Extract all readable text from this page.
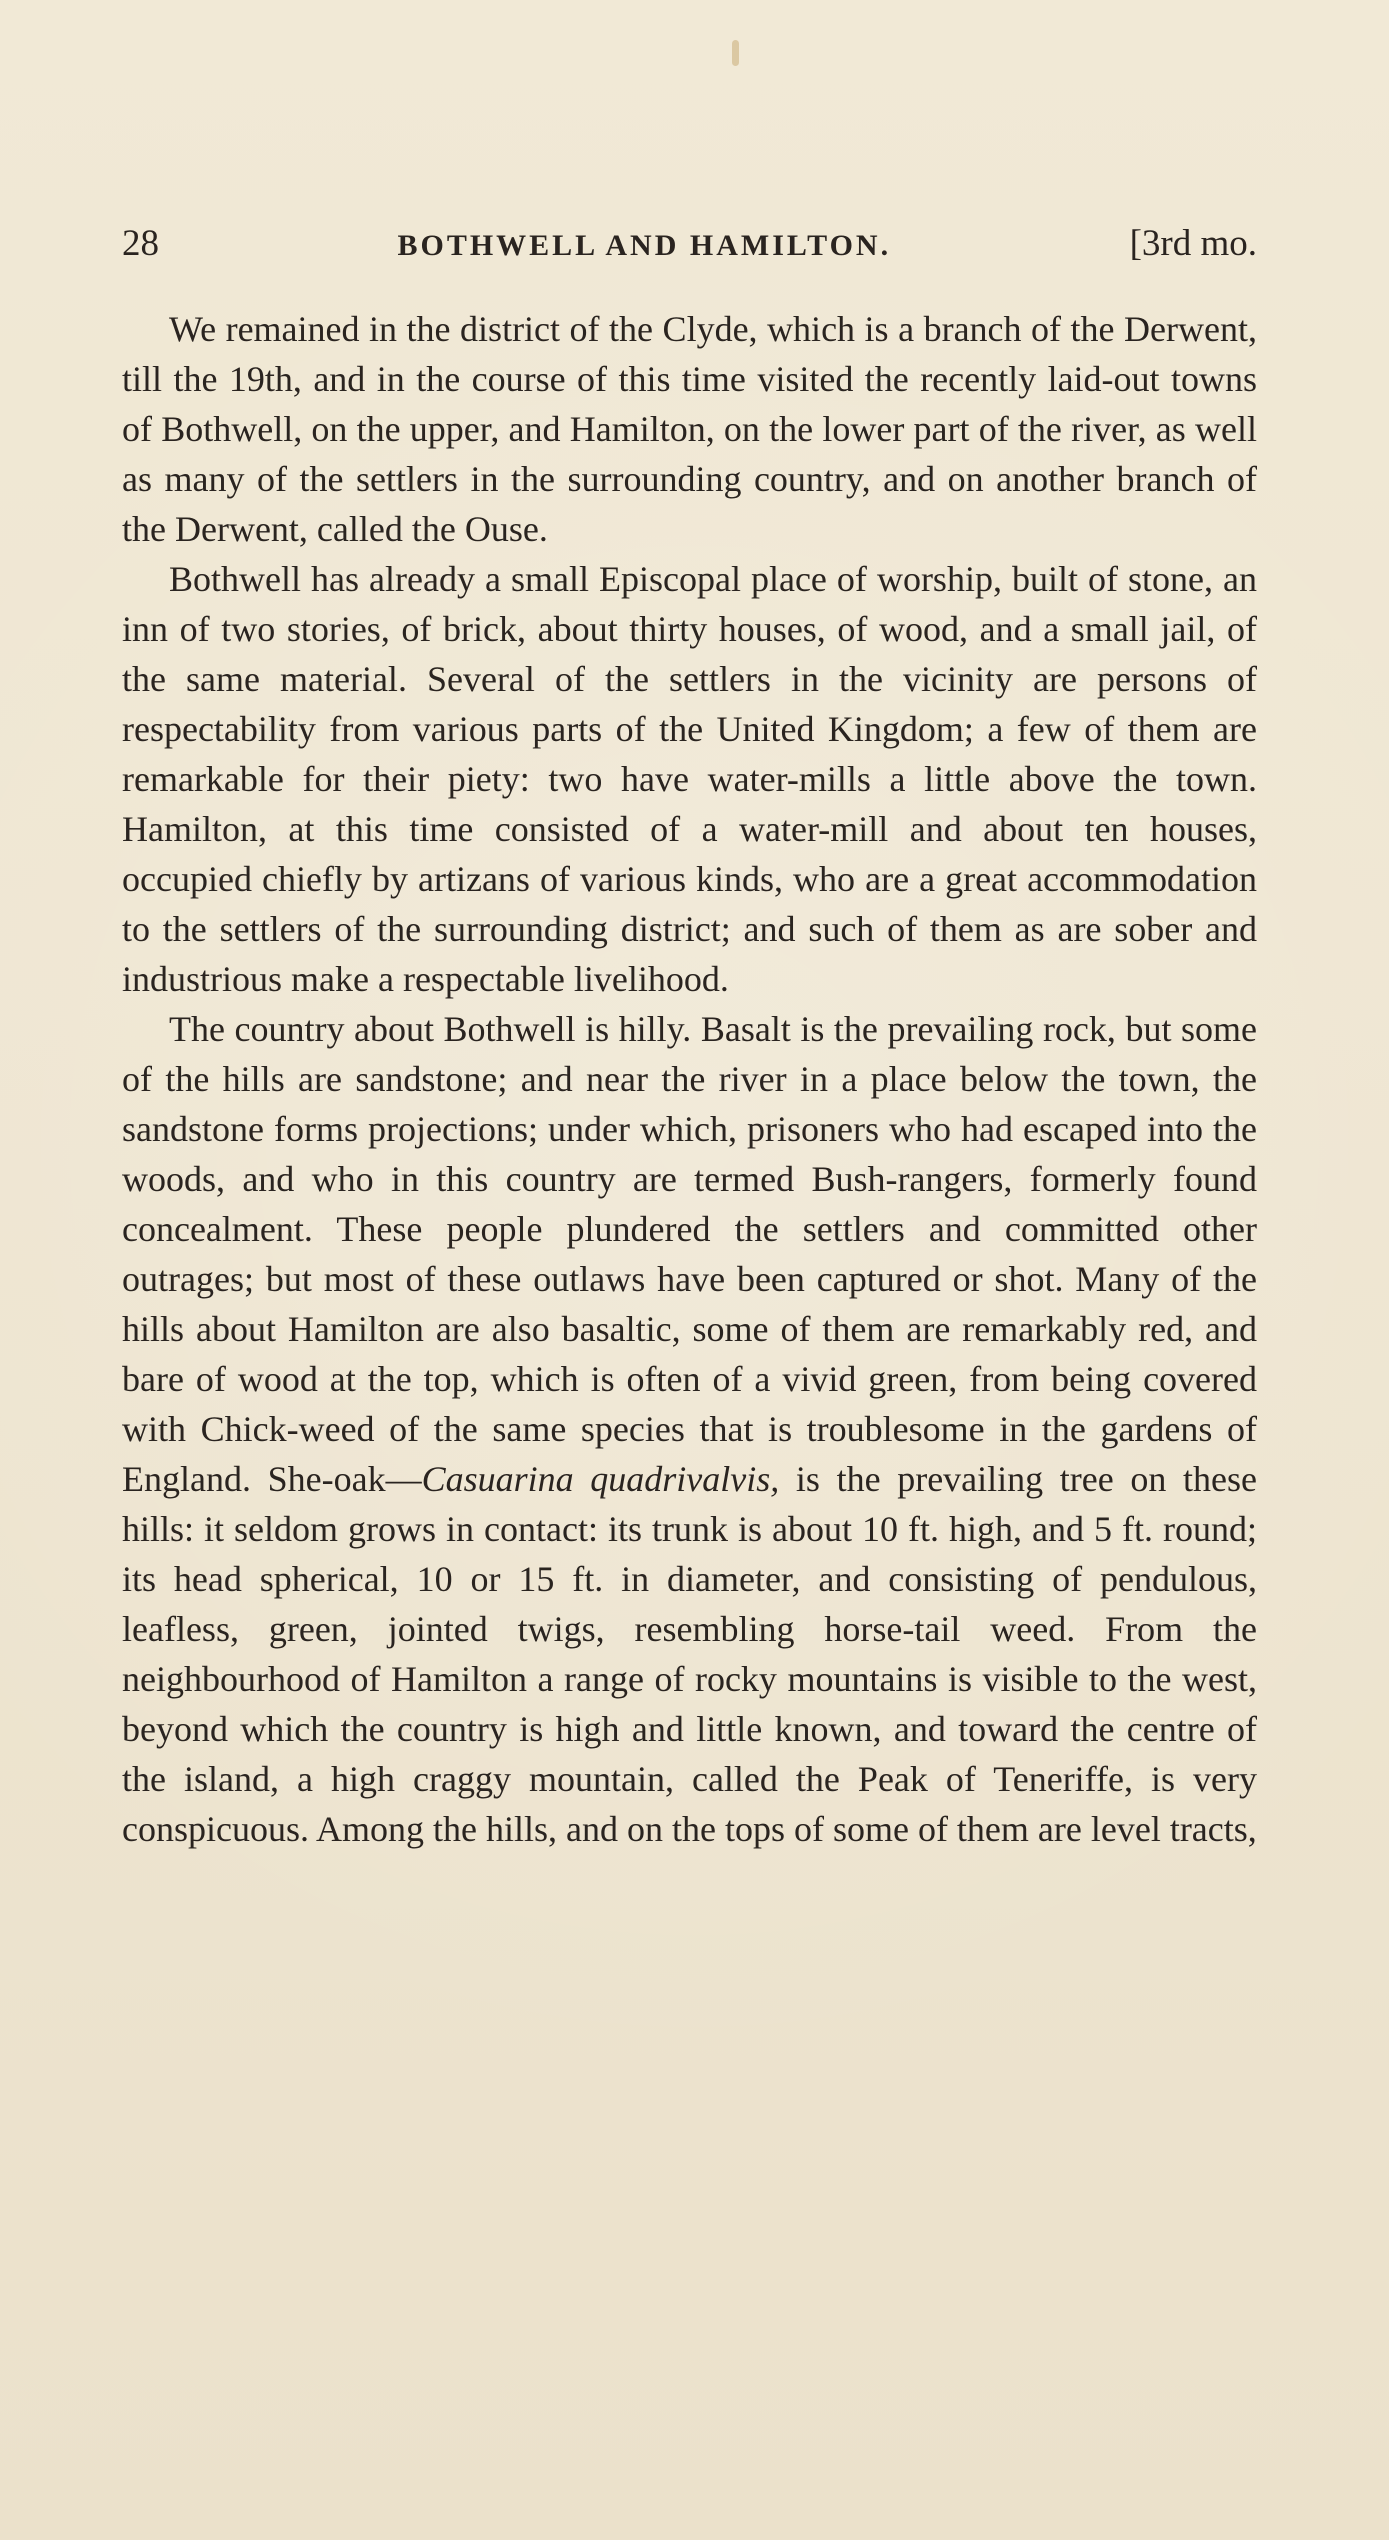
28	BOTHWELL AND HAMILTON.	[3rd mo.

We remained in the district of the Clyde, which is a branch of the Derwent, till the 19th, and in the course of this time visited the recently laid-out towns of Bothwell, on the upper, and Hamilton, on the lower part of the river, as well as many of the settlers in the surrounding country, and on another branch of the Derwent, called the Ouse.

Bothwell has already a small Episcopal place of worship, built of stone, an inn of two stories, of brick, about thirty houses, of wood, and a small jail, of the same material. Several of the settlers in the vicinity are persons of respectability from various parts of the United Kingdom; a few of them are remarkable for their piety: two have water-mills a little above the town. Hamilton, at this time consisted of a water-mill and about ten houses, occupied chiefly by artizans of various kinds, who are a great accommodation to the settlers of the surrounding district; and such of them as are sober and industrious make a respectable livelihood.

The country about Bothwell is hilly. Basalt is the prevailing rock, but some of the hills are sandstone; and near the river in a place below the town, the sandstone forms projections; under which, prisoners who had escaped into the woods, and who in this country are termed Bush-rangers, formerly found concealment. These people plundered the settlers and committed other outrages; but most of these outlaws have been captured or shot. Many of the hills about Hamilton are also basaltic, some of them are remarkably red, and bare of wood at the top, which is often of a vivid green, from being covered with Chick-weed of the same species that is troublesome in the gardens of England. She-oak—Casuarina quadrivalvis, is the prevailing tree on these hills: it seldom grows in contact: its trunk is about 10 ft. high, and 5 ft. round; its head spherical, 10 or 15 ft. in diameter, and consisting of pendulous, leafless, green, jointed twigs, resembling horse-tail weed. From the neighbourhood of Hamilton a range of rocky mountains is visible to the west, beyond which the country is high and little known, and toward the centre of the island, a high craggy mountain, called the Peak of Teneriffe, is very conspicuous. Among the hills, and on the tops of some of them are level tracts,
